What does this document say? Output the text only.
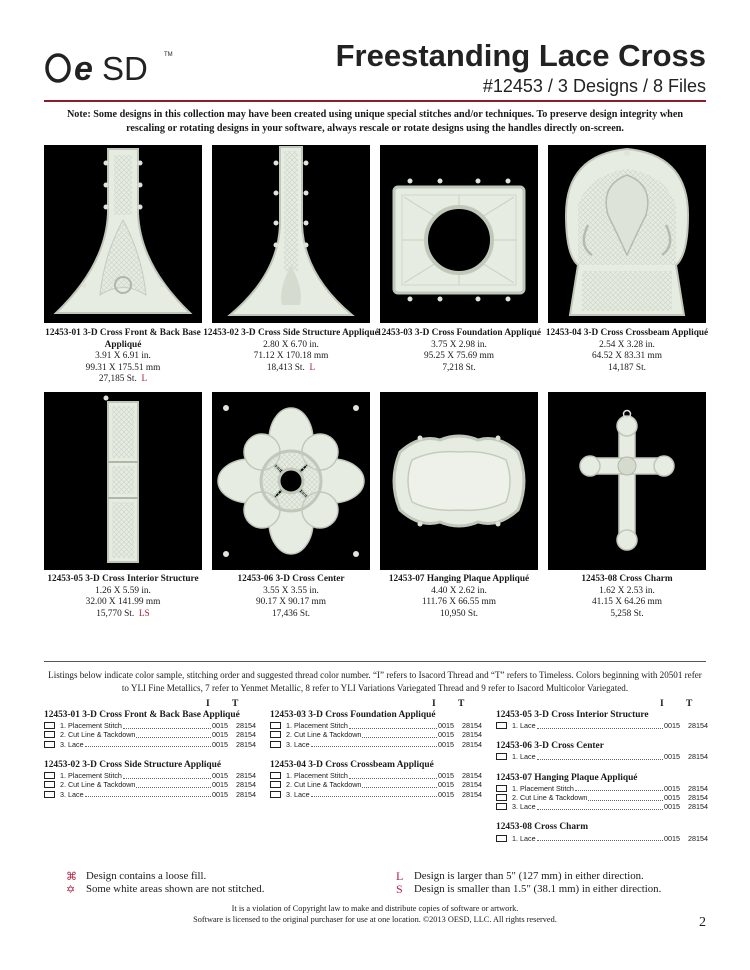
e SD	TM	Freestanding Lace Cross
#12453 / 3 Designs / 8 Files
Note: Some designs in this collection may have been created using unique special stitches and/or techniques. To preserve design integrity when rescaling or rotating designs in your software, always rescale or rotate designs using the handles directly on-screen.
12453-01 3-D Cross Front & Back Base Appliqué
3.91 X 6.91 in.
99.31 X 175.51 mm
27,185 St. L
12453-02 3-D Cross Side Structure Appliqué
2.80 X 6.70 in.
71.12 X 170.18 mm
18,413 St. L
12453-03 3-D Cross Foundation Appliqué
3.75 X 2.98 in.
95.25 X 75.69 mm
7,218 St.
12453-04 3-D Cross Crossbeam Appliqué
2.54 X 3.28 in.
64.52 X 83.31 mm
14,187 St.
12453-05 3-D Cross Interior Structure
1.26 X 5.59 in.
32.00 X 141.99 mm
15,770 St. LS
12453-06 3-D Cross Center
3.55 X 3.55 in.
90.17 X 90.17 mm
17,436 St.
12453-07 Hanging Plaque Appliqué
4.40 X 2.62 in.
111.76 X 66.55 mm
10,950 St.
12453-08 Cross Charm
1.62 X 2.53 in.
41.15 X 64.26 mm
5,258 St.
Listings below indicate color sample, stitching order and suggested thread color number. “I” refers to Isacord Thread and “T” refers to Timeless. Colors beginning with 20501 refer to YLI Fine Metallics, 7 refer to Yenmet Metallic, 8 refer to YLI Variations Variegated Thread and 9 refer to Isacord Multicolor Variegated.
I T	I T	I T
12453-01 3-D Cross Front & Back Base Appliqué
1. Placement Stitch	0015	28154
2. Cut Line & Tackdown	0015	28154
3. Lace	0015	28154
12453-02 3-D Cross Side Structure Appliqué
1. Placement Stitch	0015	28154
2. Cut Line & Tackdown	0015	28154
3. Lace	0015	28154
12453-03 3-D Cross Foundation Appliqué
1. Placement Stitch	0015	28154
2. Cut Line & Tackdown	0015	28154
3. Lace	0015	28154
12453-04 3-D Cross Crossbeam Appliqué
1. Placement Stitch	0015	28154
2. Cut Line & Tackdown	0015	28154
3. Lace	0015	28154
12453-05 3-D Cross Interior Structure
1. Lace	0015	28154
12453-06 3-D Cross Center
1. Lace	0015	28154
12453-07 Hanging Plaque Appliqué
1. Placement Stitch	0015	28154
2. Cut Line & Tackdown	0015	28154
3. Lace	0015	28154
12453-08 Cross Charm
1. Lace	0015	28154
⌘ Design contains a loose fill.
✡ Some white areas shown are not stitched.
L Design is larger than 5" (127 mm) in either direction.
S	Design is smaller than 1.5" (38.1 mm) in either direction.
It is a violation of Copyright law to make and distribute copies of software or artwork.
Software is licensed to the original purchaser for use at one location. ©2013 OESD, LLC. All rights reserved.	2
